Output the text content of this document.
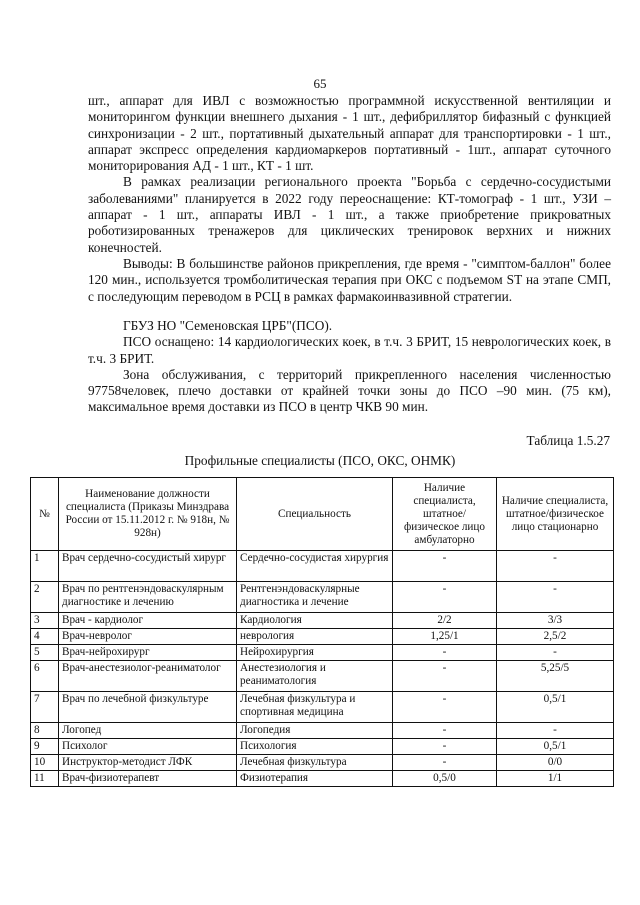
65

шт., аппарат для ИВЛ с возможностью программной искусственной вентиляции и мониторингом функции внешнего дыхания - 1 шт., дефибриллятор бифазный с функцией синхронизации - 2 шт., портативный дыхательный аппарат для транспортировки - 1 шт., аппарат экспресс определения кардиомаркеров портативный - 1шт., аппарат суточного мониторирования АД - 1 шт., КТ - 1 шт.

В рамках реализации регионального проекта "Борьба с сердечно-сосудистыми заболеваниями" планируется в 2022 году переоснащение: КТ-томограф - 1 шт., УЗИ – аппарат - 1 шт., аппараты ИВЛ - 1 шт., а также приобретение прикроватных роботизированных тренажеров для циклических тренировок верхних и нижних конечностей.

Выводы: В большинстве районов прикрепления, где время - "симптом-баллон" более 120 мин., используется тромболитическая терапия при ОКС с подъемом ST на этапе СМП, с последующим переводом в РСЦ в рамках фармакоинвазивной стратегии.

ГБУЗ НО "Семеновская ЦРБ"(ПСО).

ПСО оснащено: 14 кардиологических коек, в т.ч. 3 БРИТ, 15 неврологических коек, в т.ч. 3 БРИТ.

Зона обслуживания, с территорий прикрепленного населения численностью 97758человек, плечо доставки от крайней точки зоны до ПСО –90 мин. (75 км), максимальное время доставки из ПСО в центр ЧКВ 90 мин.

Таблица 1.5.27
Профильные специалисты (ПСО, ОКС, ОНМК)
№	Наименование должности специалиста (Приказы Минздрава России от 15.11.2012 г. № 918н, № 928н)	Специальность	Наличие специалиста, штатное/физическое лицо амбулаторно	Наличие специалиста, штатное/физическое лицо стационарно
1	Врач сердечно-сосудистый хирург	Сердечно-сосудистая хирургия	-	-
2	Врач по рентгенэндоваскулярным диагностике и лечению	Рентгенэндоваскулярные диагностика и лечение	-	-
3	Врач - кардиолог	Кардиология	2/2	3/3
4	Врач-невролог	неврология	1,25/1	2,5/2
5	Врач-нейрохирург	Нейрохирургия	-	-
6	Врач-анестезиолог-реаниматолог	Анестезиология и реаниматология	-	5,25/5
7	Врач по лечебной физкультуре	Лечебная физкультура и спортивная медицина	-	0,5/1
8	Логопед	Логопедия	-	-
9	Психолог	Психология	-	0,5/1
10	Инструктор-методист ЛФК	Лечебная физкультура	-	0/0
11	Врач-физиотерапевт	Физиотерапия	0,5/0	1/1
